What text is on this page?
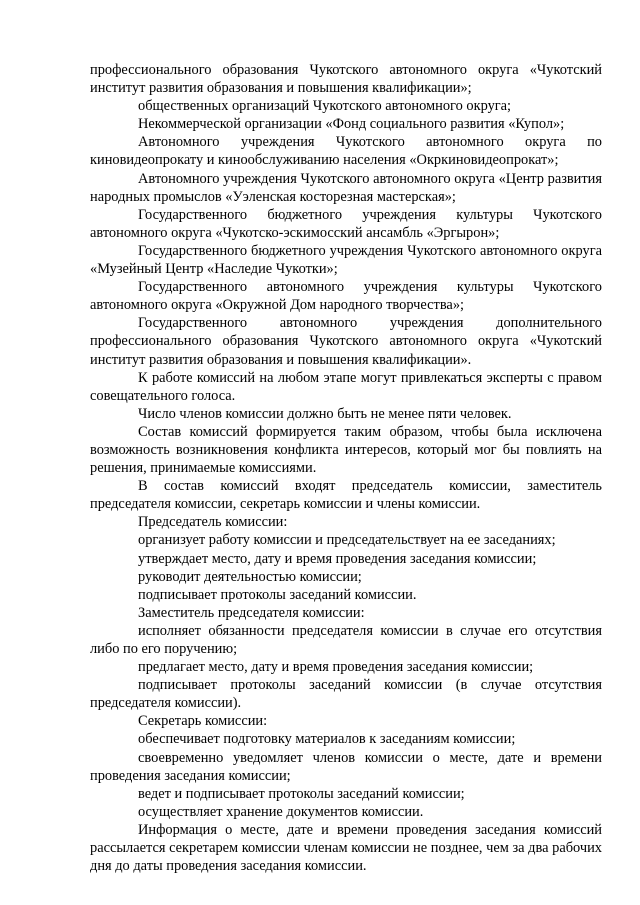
профессионального образования Чукотского автономного округа «Чукотский институт развития образования и повышения квалификации»;

общественных организаций Чукотского автономного округа;

Некоммерческой организации «Фонд социального развития «Купол»;

Автономного учреждения Чукотского автономного округа по киновидеопрокату и кинообслуживанию населения «Окркиновидеопрокат»;

Автономного учреждения Чукотского автономного округа «Центр развития народных промыслов «Уэленская косторезная мастерская»;

Государственного бюджетного учреждения культуры Чукотского автономного округа «Чукотско-эскимосский ансамбль «Эргырон»;

Государственного бюджетного учреждения Чукотского автономного округа «Музейный Центр «Наследие Чукотки»;

Государственного автономного учреждения культуры Чукотского автономного округа «Окружной Дом народного творчества»;

Государственного автономного учреждения дополнительного профессионального образования Чукотского автономного округа «Чукотский институт развития образования и повышения квалификации».

К работе комиссий на любом этапе могут привлекаться эксперты с правом совещательного голоса.

Число членов комиссии должно быть не менее пяти человек.

Состав комиссий формируется таким образом, чтобы была исключена возможность возникновения конфликта интересов, который мог бы повлиять на решения, принимаемые комиссиями.

В состав комиссий входят председатель комиссии, заместитель председателя комиссии, секретарь комиссии и члены комиссии.

Председатель комиссии:

организует работу комиссии и председательствует на ее заседаниях;

утверждает место, дату и время проведения заседания комиссии;

руководит деятельностью комиссии;

подписывает протоколы заседаний комиссии.

Заместитель председателя комиссии:

исполняет обязанности председателя комиссии в случае его отсутствия либо по его поручению;

предлагает место, дату и время проведения заседания комиссии;

подписывает протоколы заседаний комиссии (в случае отсутствия председателя комиссии).

Секретарь комиссии:

обеспечивает подготовку материалов к заседаниям комиссии;

своевременно уведомляет членов комиссии о месте, дате и времени проведения заседания комиссии;

ведет и подписывает протоколы заседаний комиссии;

осуществляет хранение документов комиссии.

Информация о месте, дате и времени проведения заседания комиссий рассылается секретарем комиссии членам комиссии не позднее, чем за два рабочих дня до даты проведения заседания комиссии.
